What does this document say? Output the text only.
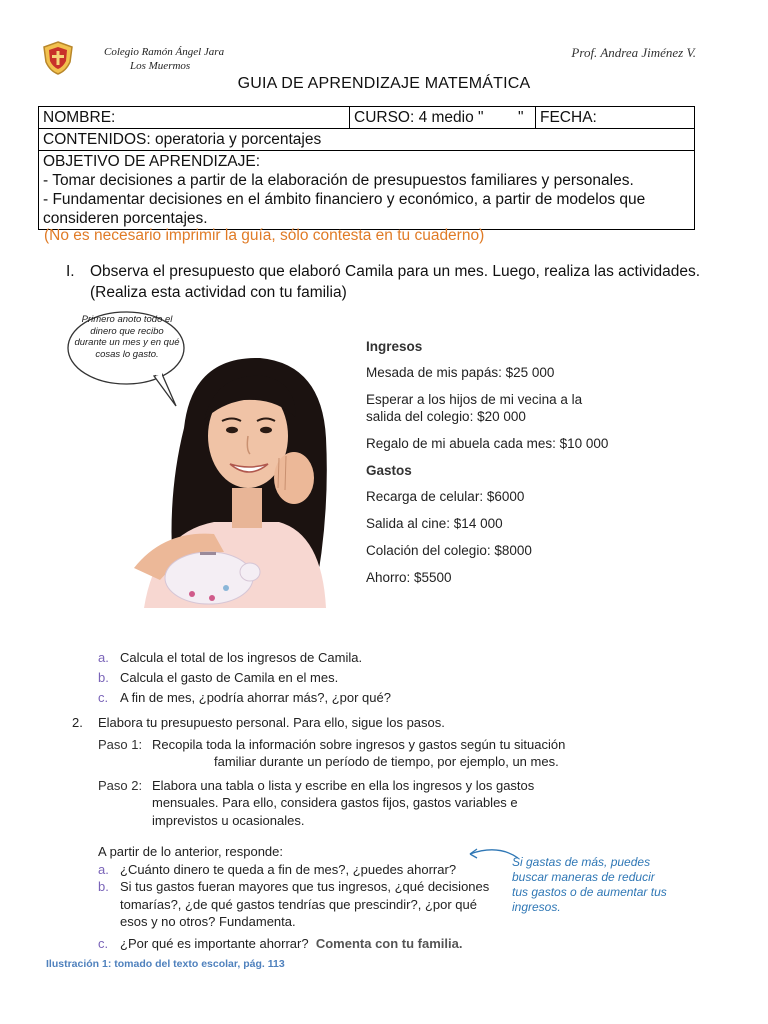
Colegio Ramón Ángel Jara
Los Muermos
Prof. Andrea Jiménez V.
GUIA DE APRENDIZAJE MATEMÁTICA
NOMBRE:	CURSO: 4 medio "        "	FECHA:
CONTENIDOS: operatoria y porcentajes

OBJETIVO DE APRENDIZAJE:
- Tomar decisiones a partir de la elaboración de presupuestos familiares y personales.
- Fundamentar decisiones en el ámbito financiero y económico, a partir de modelos que consideren porcentajes.
(No es necesario imprimir la guía, sólo contesta en tu cuaderno)
I. Observa el presupuesto que elaboró Camila para un mes. Luego, realiza las actividades. (Realiza esta actividad con tu familia)
Primero anoto todo el dinero que recibo durante un mes y en qué cosas lo gasto.	Ingresos
Mesada de mis papás: $25 000
Esperar a los hijos de mi vecina a la salida del colegio: $20 000
Regalo de mi abuela cada mes: $10 000
Gastos
Recarga de celular: $6000
Salida al cine: $14 000
Colación del colegio: $8000
Ahorro: $5500
a. Calcula el total de los ingresos de Camila.
b. Calcula el gasto de Camila en el mes.
c. A fin de mes, ¿podría ahorrar más?, ¿por qué?
2. Elabora tu presupuesto personal. Para ello, sigue los pasos.
Paso 1: Recopila toda la información sobre ingresos y gastos según tu situación
familiar durante un período de tiempo, por ejemplo, un mes.
Paso 2: Elabora una tabla o lista y escribe en ella los ingresos y los gastos mensuales. Para ello, considera gastos fijos, gastos variables e imprevistos u ocasionales.
A partir de lo anterior, responde:
a. ¿Cuánto dinero te queda a fin de mes?, ¿puedes ahorrar?
b. Si tus gastos fueran mayores que tus ingresos, ¿qué decisiones
tomarías?, ¿de qué gastos tendrías que prescindir?, ¿por qué
esos y no otros? Fundamenta.
c. ¿Por qué es importante ahorrar? Comenta con tu familia.
Si gastas de más, puedes buscar maneras de reducir tus gastos o de aumentar tus ingresos.
Ilustración 1: tomado del texto escolar, pág. 113
